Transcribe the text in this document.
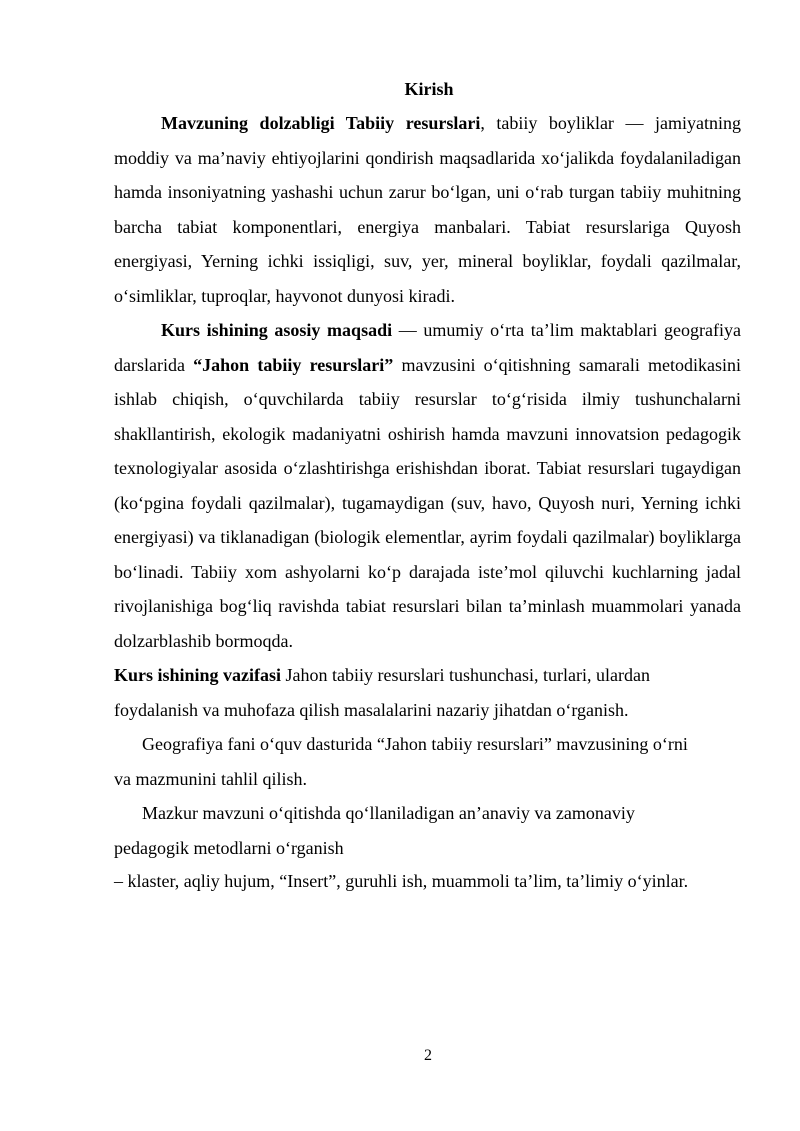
Kirish

Mavzuning dolzabligi Tabiiy resurslari, tabiiy boyliklar — jamiyatning moddiy va ma’naviy ehtiyojlarini qondirish maqsadlarida xo‘jalikda foydalaniladigan hamda insoniyatning yashashi uchun zarur bo‘lgan, uni o‘rab turgan tabiiy muhitning barcha tabiat komponentlari, energiya manbalari. Tabiat resurslariga Quyosh energiyasi, Yerning ichki issiqligi, suv, yer, mineral boyliklar, foydali qazilmalar, o‘simliklar, tuproqlar, hayvonot dunyosi kiradi.

Kurs ishining asosiy maqsadi — umumiy o‘rta ta’lim maktablari geografiya darslarida “Jahon tabiiy resurslari” mavzusini o‘qitishning samarali metodikasini ishlab chiqish, o‘quvchilarda tabiiy resurslar to‘g‘risida ilmiy tushunchalarni shakllantirish, ekologik madaniyatni oshirish hamda mavzuni innovatsion pedagogik texnologiyalar asosida o‘zlashtirishga erishishdan iborat. Tabiat resurslari tugaydigan (ko‘pgina foydali qazilmalar), tugamaydigan (suv, havo, Quyosh nuri, Yerning ichki energiyasi) va tiklanadigan (biologik elementlar, ayrim foydali qazilmalar) boyliklarga bo‘linadi. Tabiiy xom ashyolarni ko‘p darajada iste’mol qiluvchi kuchlarning jadal rivojlanishiga bog‘liq ravishda tabiat resurslari bilan ta’minlash muammolari yanada dolzarblashib bormoqda.

Kurs ishining vazifasi Jahon tabiiy resurslari tushunchasi, turlari, ulardan foydalanish va muhofaza qilish masalalarini nazariy jihatdan o‘rganish.

Geografiya fani o‘quv dasturida “Jahon tabiiy resurslari” mavzusining o‘rni va mazmunini tahlil qilish.

Mazkur mavzuni o‘qitishda qo‘llaniladigan an’anaviy va zamonaviy pedagogik metodlarni o‘rganish

– klaster, aqliy hujum, “Insert”, guruhli ish, muammoli ta’lim, ta’limiy o‘yinlar.

2
